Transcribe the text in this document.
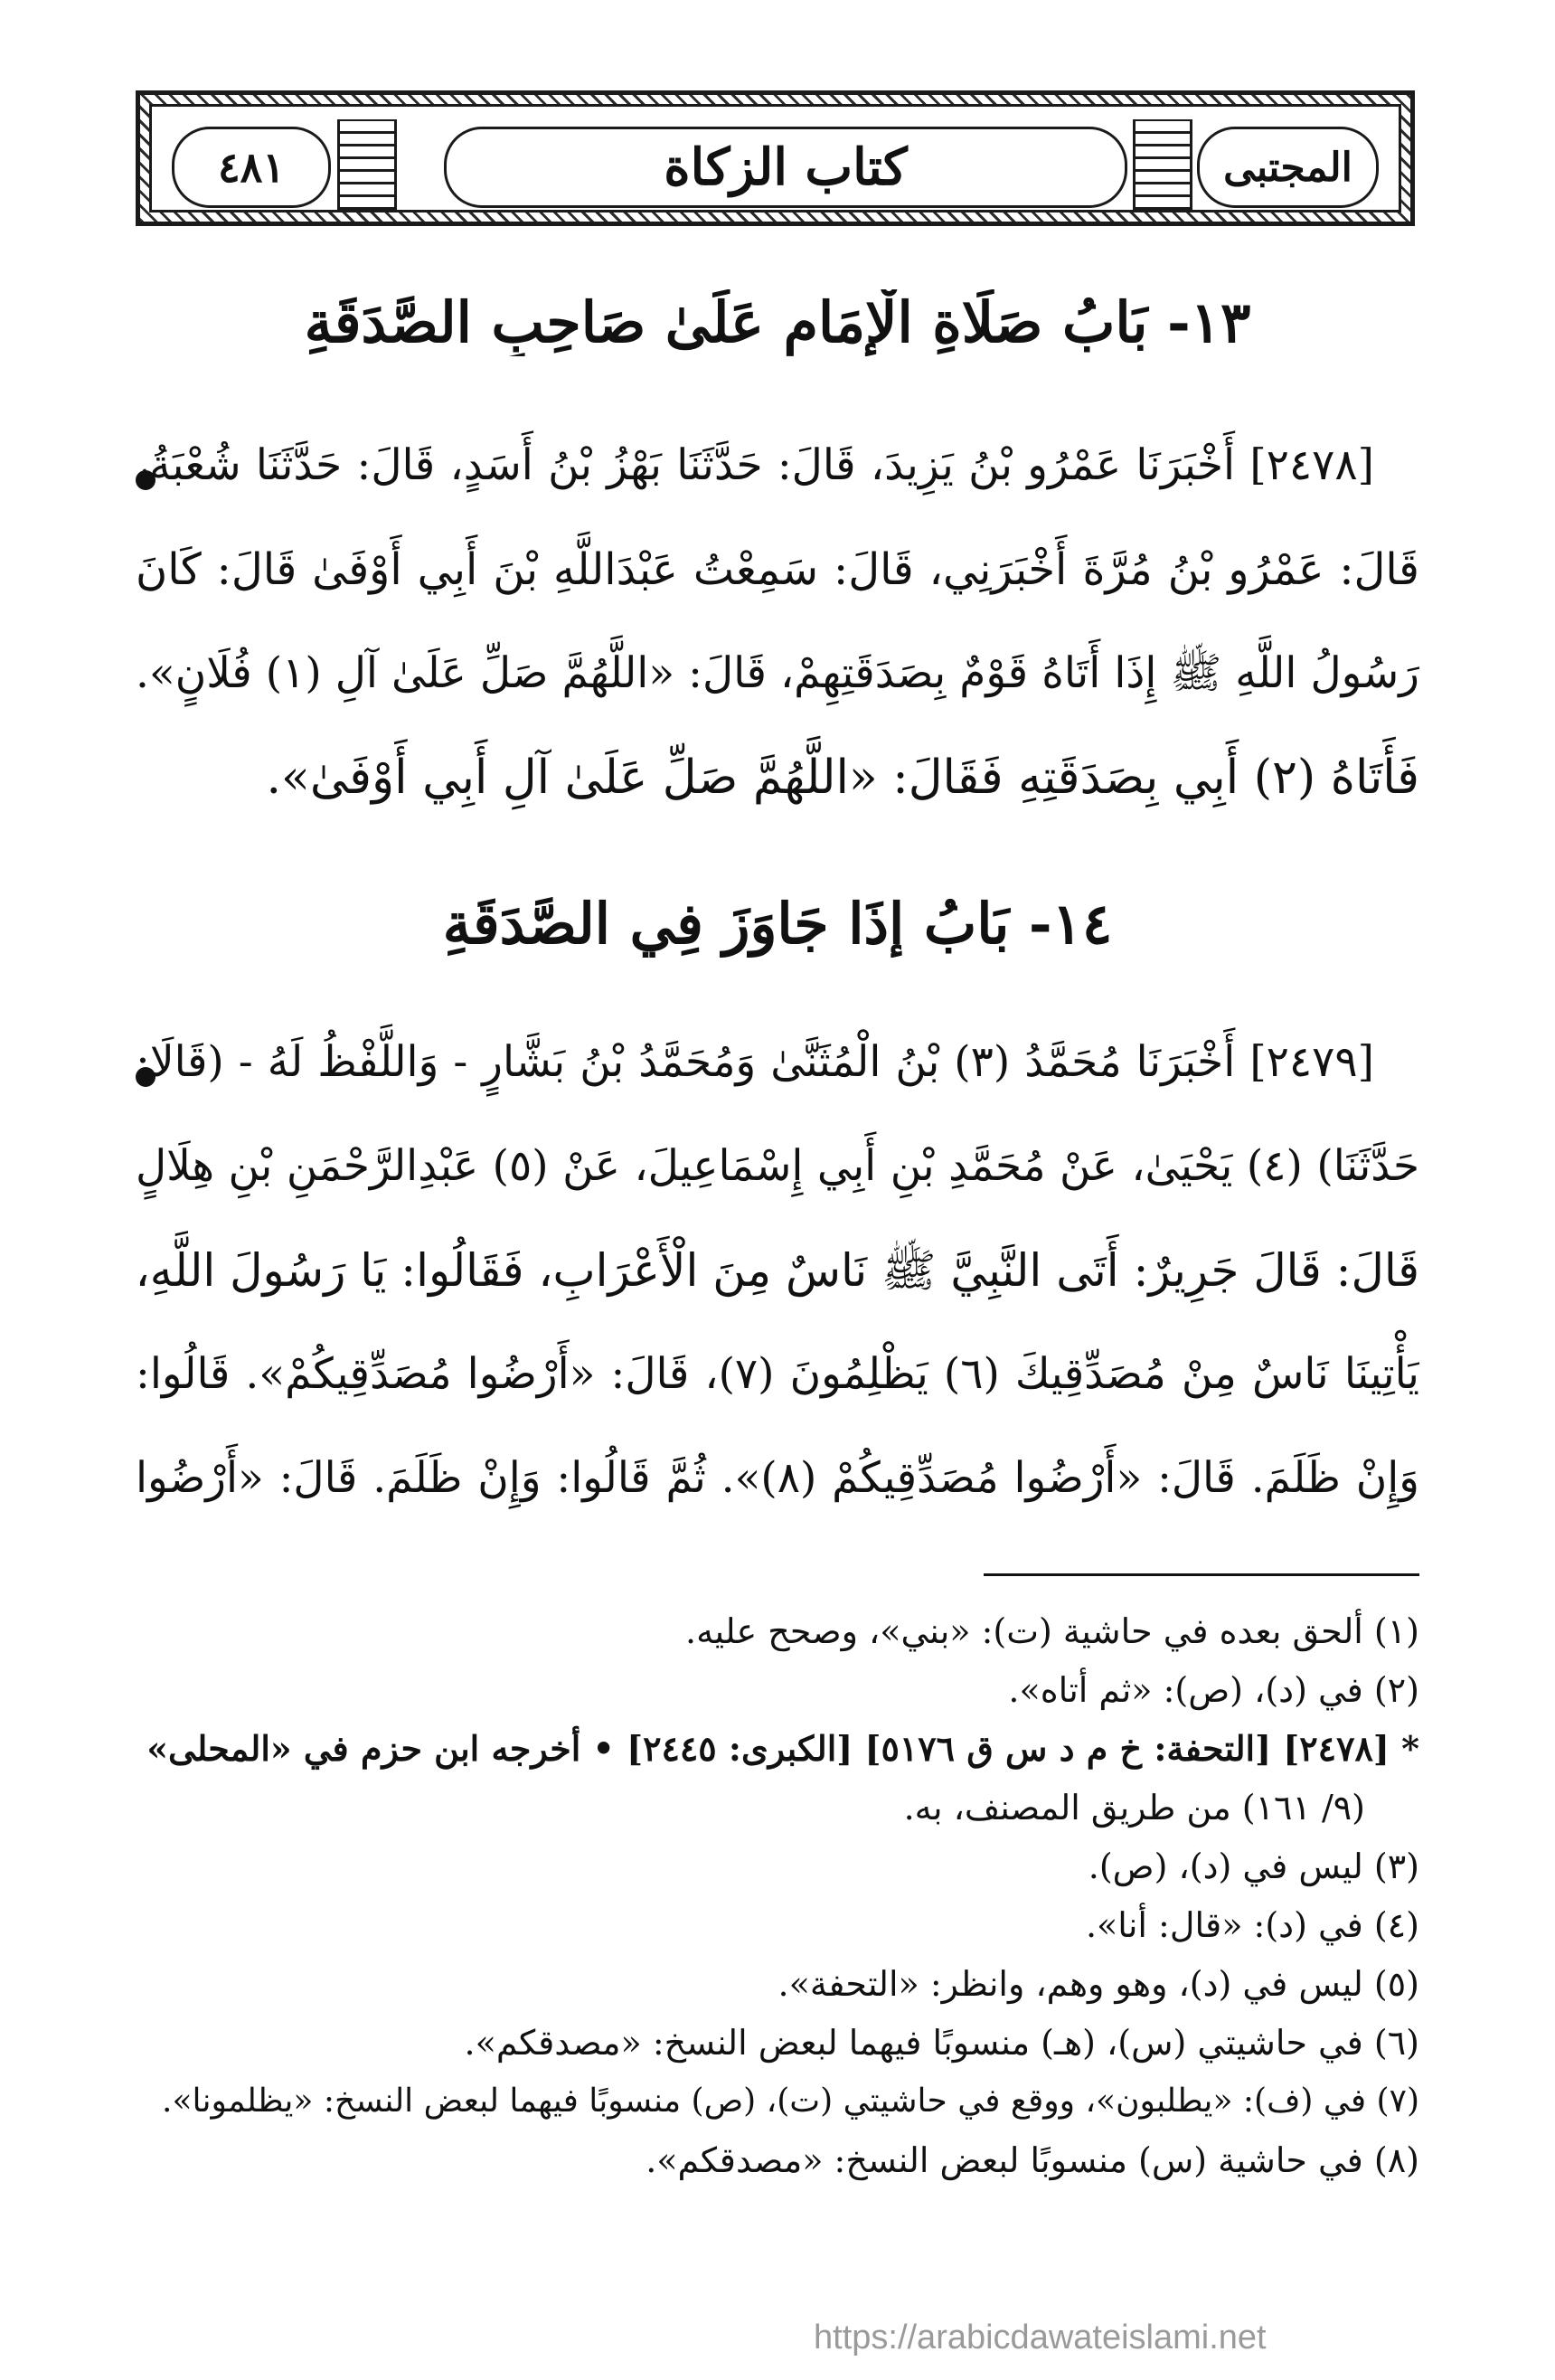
المجتبى
كتاب الزكاة
٤٨١
١٣- بَابُ صَلَاةِ الْإِمَامِ عَلَىٰ صَاحِبِ الصَّدَقَةِ
[٢٤٧٨] أَخْبَرَنَا عَمْرُو بْنُ يَزِيدَ، قَالَ: حَدَّثَنَا بَهْزُ بْنُ أَسَدٍ، قَالَ: حَدَّثَنَا شُعْبَةُ،
قَالَ: عَمْرُو بْنُ مُرَّةَ أَخْبَرَنِي، قَالَ: سَمِعْتُ عَبْدَاللَّهِ بْنَ أَبِي أَوْفَىٰ قَالَ: كَانَ
رَسُولُ اللَّهِ ﷺ إِذَا أَتَاهُ قَوْمٌ بِصَدَقَتِهِمْ، قَالَ: «اللَّهُمَّ صَلِّ عَلَىٰ آلِ (١) فُلَانٍ».
فَأَتَاهُ (٢) أَبِي بِصَدَقَتِهِ فَقَالَ: «اللَّهُمَّ صَلِّ عَلَىٰ آلِ أَبِي أَوْفَىٰ».
١٤- بَابُ إِذَا جَاوَزَ فِي الصَّدَقَةِ
[٢٤٧٩] أَخْبَرَنَا مُحَمَّدُ (٣) بْنُ الْمُثَنَّىٰ وَمُحَمَّدُ بْنُ بَشَّارٍ - وَاللَّفْظُ لَهُ - (قَالَا:
حَدَّثَنَا) (٤) يَحْيَىٰ، عَنْ مُحَمَّدِ بْنِ أَبِي إِسْمَاعِيلَ، عَنْ (٥) عَبْدِالرَّحْمَنِ بْنِ هِلَالٍ
قَالَ: قَالَ جَرِيرٌ: أَتَى النَّبِيَّ ﷺ نَاسٌ مِنَ الْأَعْرَابِ، فَقَالُوا: يَا رَسُولَ اللَّهِ،
يَأْتِينَا نَاسٌ مِنْ مُصَدِّقِيكَ (٦) يَظْلِمُونَ (٧)، قَالَ: «أَرْضُوا مُصَدِّقِيكُمْ». قَالُوا:
وَإِنْ ظَلَمَ. قَالَ: «أَرْضُوا مُصَدِّقِيكُمْ (٨)». ثُمَّ قَالُوا: وَإِنْ ظَلَمَ. قَالَ: «أَرْضُوا
(١) ألحق بعده في حاشية (ت): «بني»، وصحح عليه.
(٢) في (د)، (ص): «ثم أتاه».
* [٢٤٧٨] [التحفة: خ م د س ق ٥١٧٦] [الكبرى: ٢٤٤٥] • أخرجه ابن حزم في «المحلى»
(٩/ ١٦١) من طريق المصنف، به.
(٣) ليس في (د)، (ص).
(٤) في (د): «قال: أنا».
(٥) ليس في (د)، وهو وهم، وانظر: «التحفة».
(٦) في حاشيتي (س)، (هـ) منسوبًا فيهما لبعض النسخ: «مصدقكم».
(٧) في (ف): «يطلبون»، ووقع في حاشيتي (ت)، (ص) منسوبًا فيهما لبعض النسخ: «يظلمونا».
(٨) في حاشية (س) منسوبًا لبعض النسخ: «مصدقكم».
https://arabicdawateislami.net
